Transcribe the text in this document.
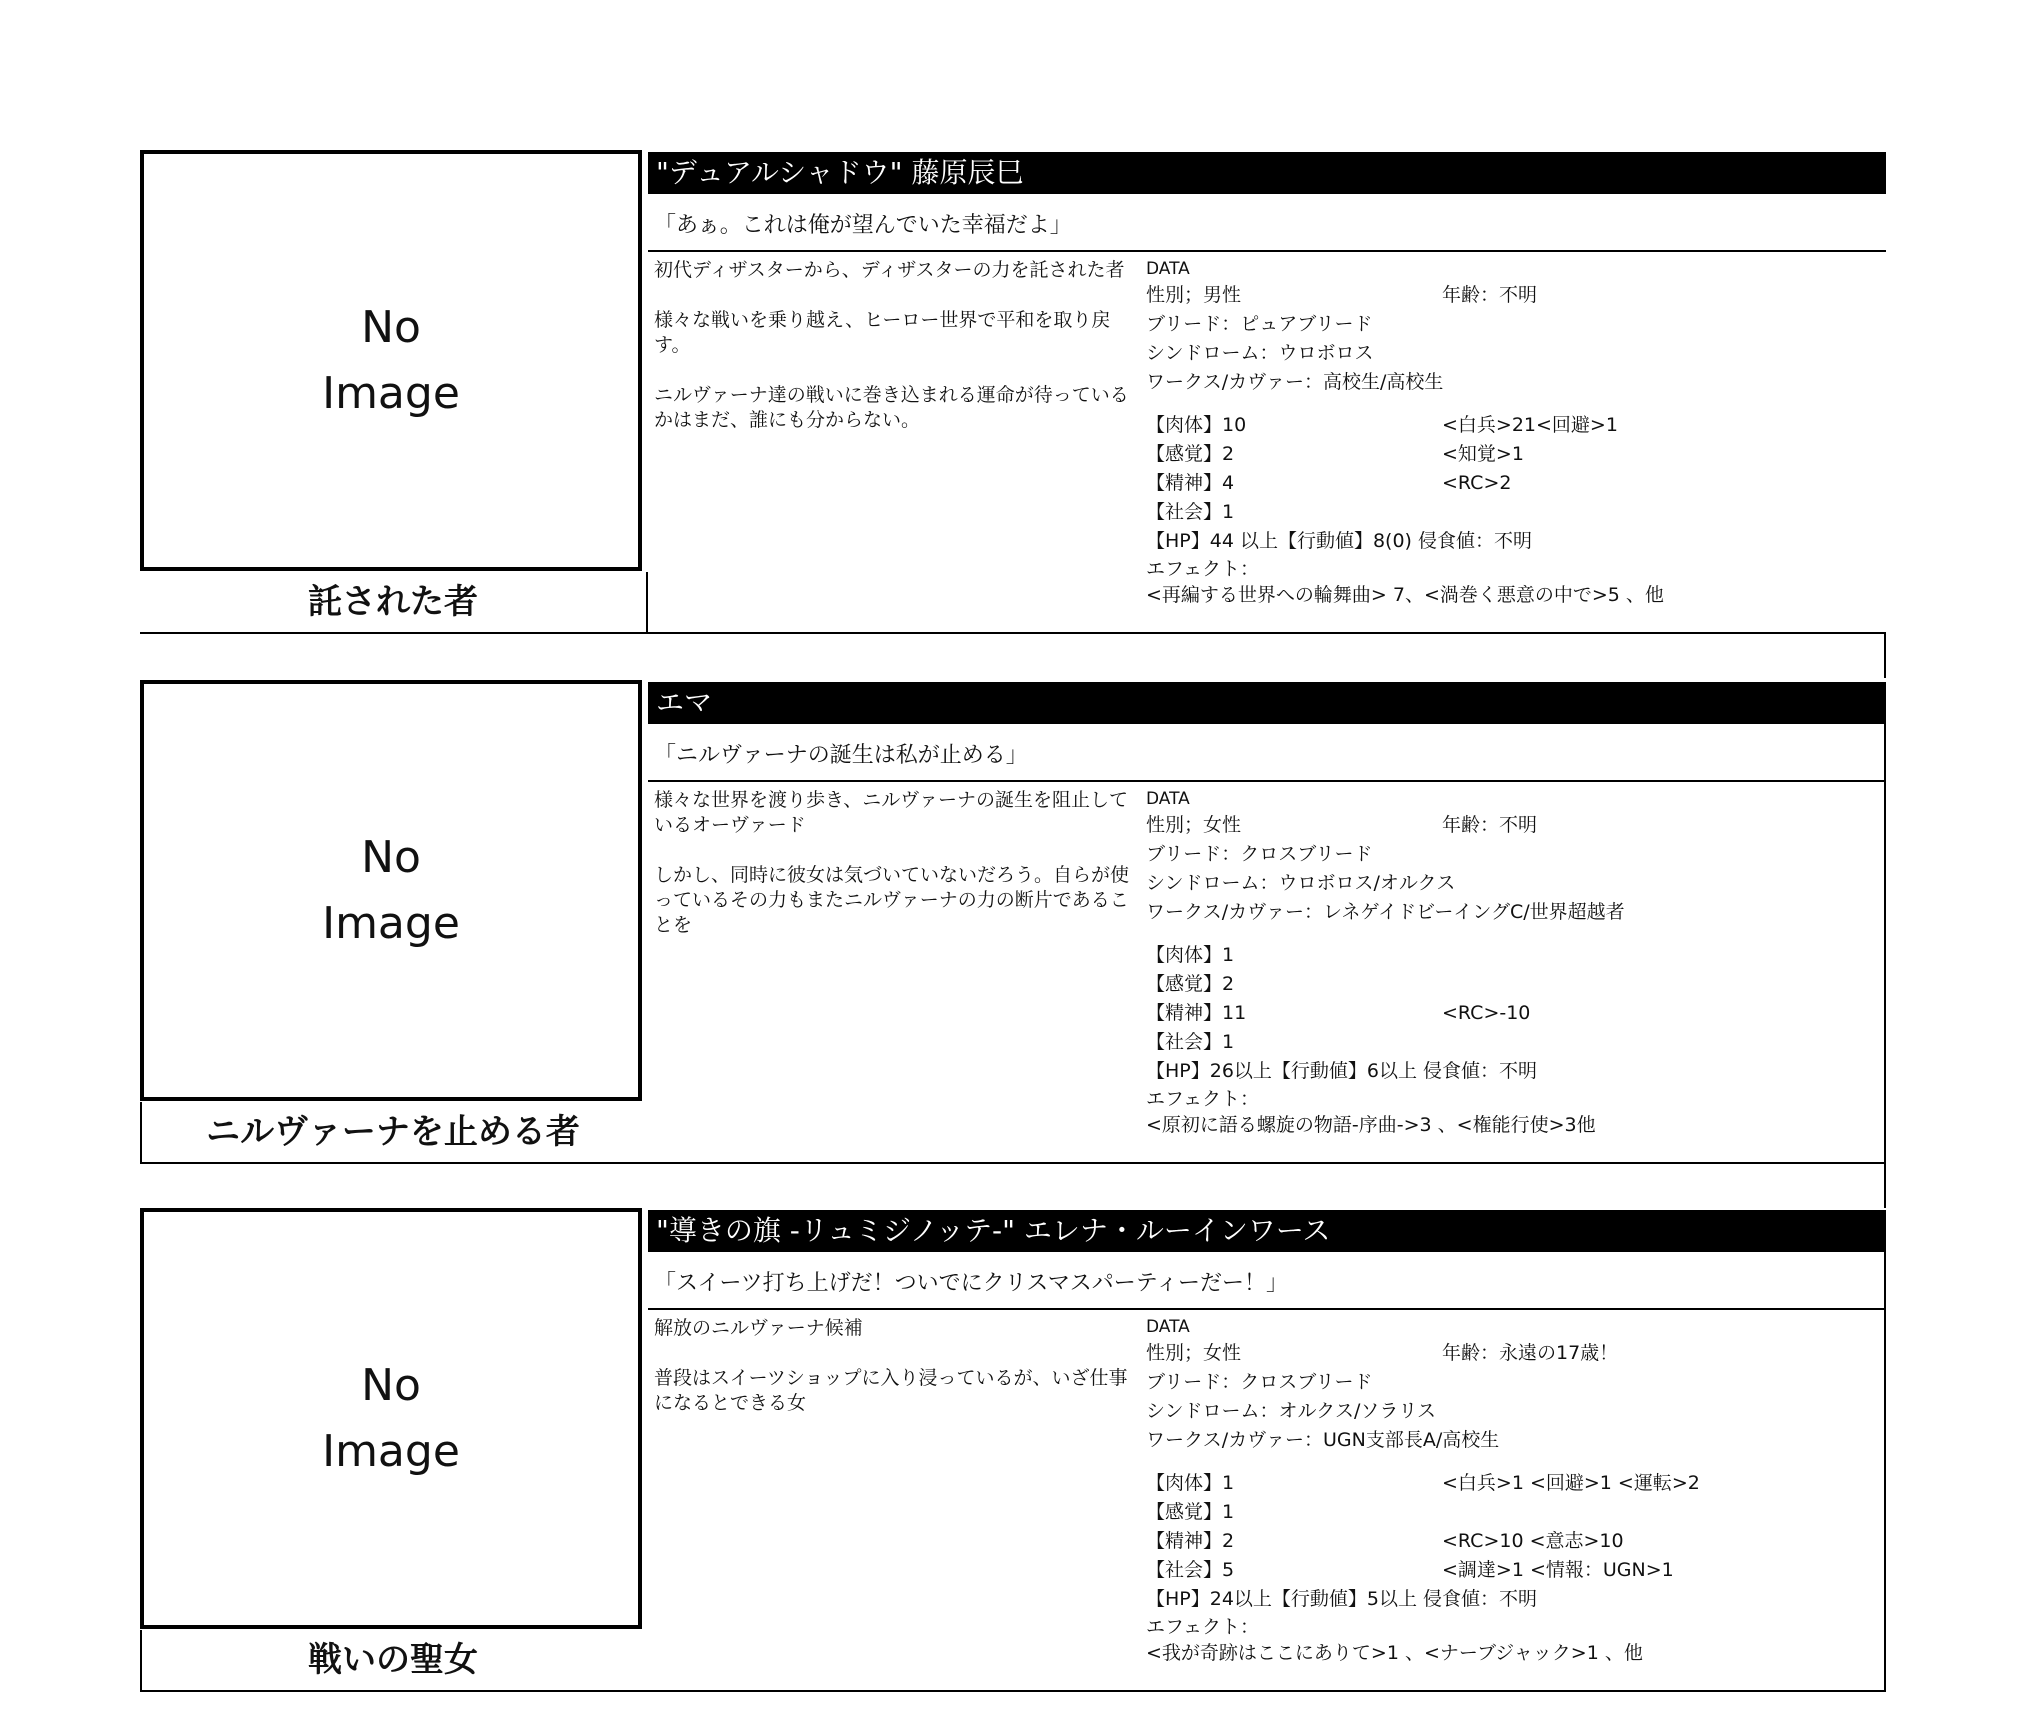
No
Image
託された者
"デュアルシャドウ" 藤原辰巳
「あぁ。これは俺が望んでいた幸福だよ」

初代ディザスターから、ディザスターの力を託された者

様々な戦いを乗り越え、ヒーロー世界で平和を取り戻す。

ニルヴァーナ達の戦いに巻き込まれる運命が待っているかはまだ、誰にも分からない。

DATA
性別；男性	年齢：不明
ブリード：ピュアブリード
シンドローム：ウロボロス
ワークス/カヴァー：高校生/高校生
【肉体】10	<白兵>21<回避>1
【感覚】2	<知覚>1
【精神】4	<RC>2
【社会】1
【HP】44 以上【行動値】8(0) 侵食値：不明
エフェクト：
<再編する世界への輪舞曲> 7、<渦巻く悪意の中で>5 、他
No
Image
ニルヴァーナを止める者
エマ
「ニルヴァーナの誕生は私が止める」

様々な世界を渡り歩き、ニルヴァーナの誕生を阻止しているオーヴァード

しかし、同時に彼女は気づいていないだろう。自らが使っているその力もまたニルヴァーナの力の断片であることを

DATA
性別；女性	年齢：不明
ブリード：クロスブリード
シンドローム：ウロボロス/オルクス
ワークス/カヴァー：レネゲイドビーイングC/世界超越者
【肉体】1
【感覚】2
【精神】11	<RC>-10
【社会】1
【HP】26以上【行動値】6以上 侵食値：不明
エフェクト：
<原初に語る螺旋の物語-序曲->3 、<権能行使>3他
No
Image
戦いの聖女
"導きの旗 -リュミジノッテ-" エレナ・ルーインワース
「スイーツ打ち上げだ！ついでにクリスマスパーティーだー！」

解放のニルヴァーナ候補

普段はスイーツショップに入り浸っているが、いざ仕事になるとできる女

DATA
性別；女性	年齢：永遠の17歳！
ブリード：クロスブリード
シンドローム：オルクス/ソラリス
ワークス/カヴァー：UGN支部長A/高校生
【肉体】1	<白兵>1 <回避>1 <運転>2
【感覚】1
【精神】2	<RC>10 <意志>10
【社会】5	<調達>1 <情報：UGN>1
【HP】24以上【行動値】5以上 侵食値：不明
エフェクト：
<我が奇跡はここにありて>1 、<ナーブジャック>1 、他
